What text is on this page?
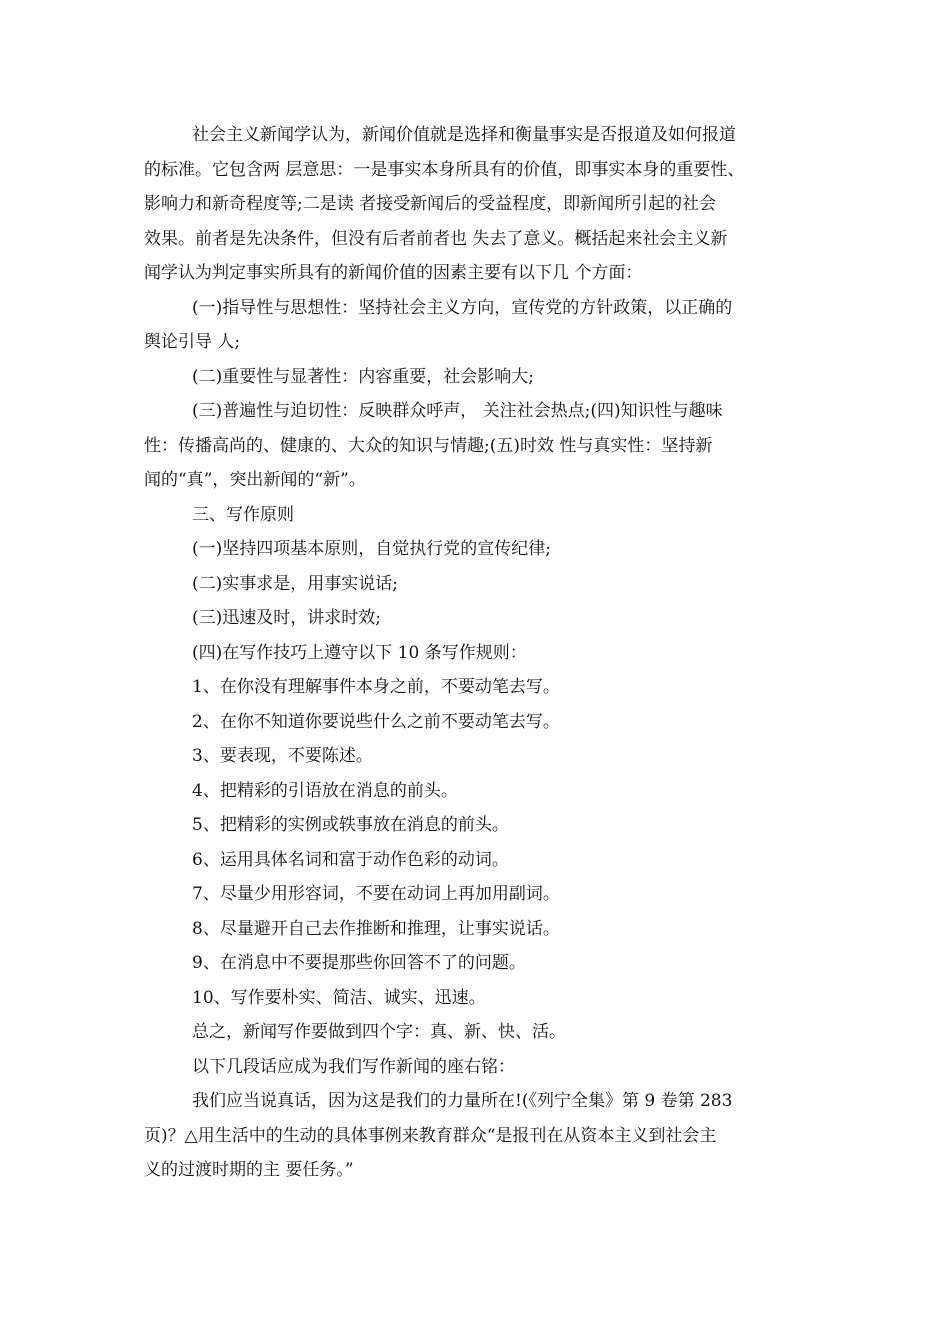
社会主义新闻学认为，新闻价值就是选择和衡量事实是否报道及如何报道
的标准。它包含两 层意思：一是事实本身所具有的价值，即事实本身的重要性、
影响力和新奇程度等;二是读 者接受新闻后的受益程度，即新闻所引起的社会
效果。前者是先决条件，但没有后者前者也 失去了意义。概括起来社会主义新
闻学认为判定事实所具有的新闻价值的因素主要有以下几 个方面：

(一)指导性与思想性：坚持社会主义方向，宣传党的方针政策，以正确的
舆论引导 人;

(二)重要性与显著性：内容重要，社会影响大;

(三)普遍性与迫切性：反映群众呼声， 关注社会热点;(四)知识性与趣味
性：传播高尚的、健康的、大众的知识与情趣;(五)时效 性与真实性：坚持新
闻的“真”，突出新闻的“新”。

三、写作原则

(一)坚持四项基本原则，自觉执行党的宣传纪律;

(二)实事求是，用事实说话;

(三)迅速及时，讲求时效;

(四)在写作技巧上遵守以下 10 条写作规则：

1、在你没有理解事件本身之前，不要动笔去写。

2、在你不知道你要说些什么之前不要动笔去写。

3、要表现，不要陈述。

4、把精彩的引语放在消息的前头。

5、把精彩的实例或轶事放在消息的前头。

6、运用具体名词和富于动作色彩的动词。

7、尽量少用形容词，不要在动词上再加用副词。

8、尽量避开自己去作推断和推理，让事实说话。

9、在消息中不要提那些你回答不了的问题。

10、写作要朴实、简洁、诚实、迅速。

总之，新闻写作要做到四个字：真、新、快、活。

以下几段话应成为我们写作新闻的座右铭：

我们应当说真话，因为这是我们的力量所在!(《列宁全集》第 9 卷第 283
页)？△用生活中的生动的具体事例来教育群众“是报刊在从资本主义到社会主
义的过渡时期的主 要任务。”
